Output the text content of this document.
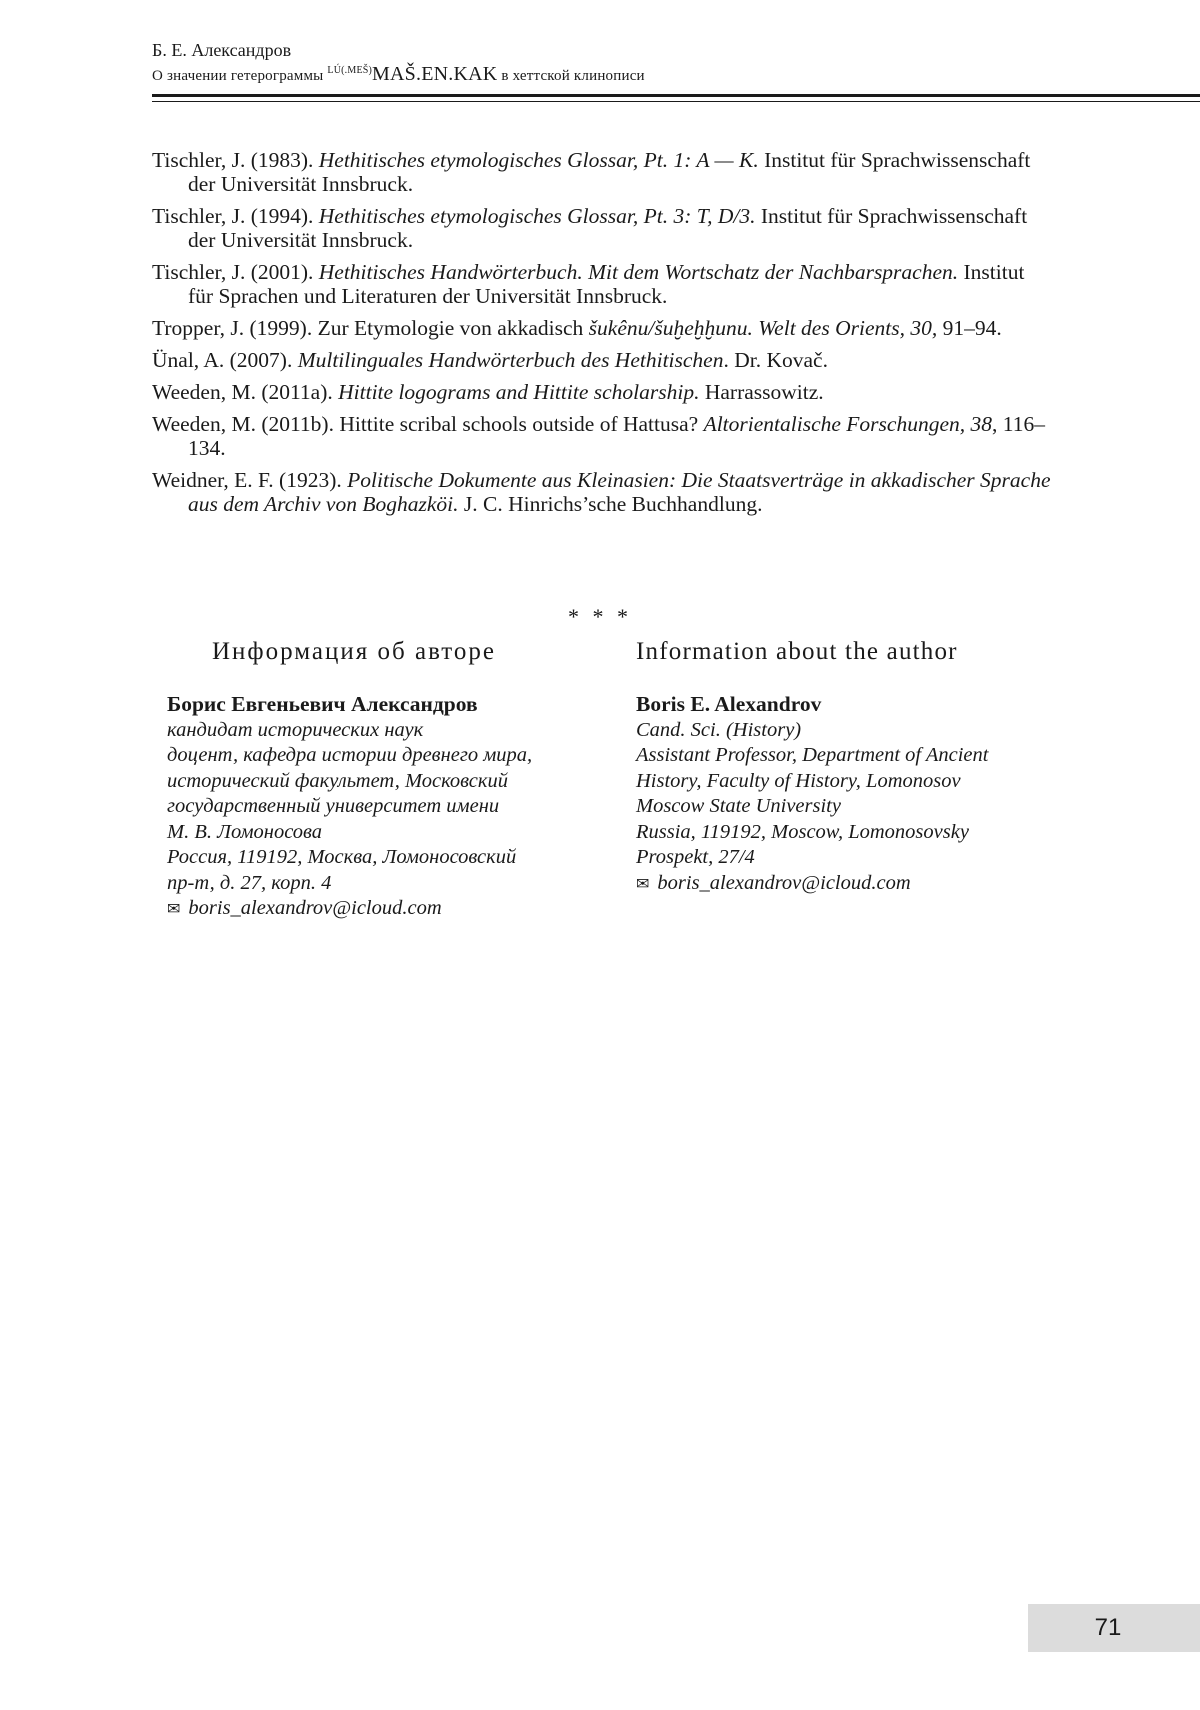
Б. Е. Александров
О значении гетерограммы $^{LÚ(.MEŠ)}$MAŠ.EN.KAK в хеттской клинописи
Tischler, J. (1983). Hethitisches etymologisches Glossar, Pt. 1: A — K. Institut für Sprachwissenschaft der Universität Innsbruck.
Tischler, J. (1994). Hethitisches etymologisches Glossar, Pt. 3: T, D/3. Institut für Sprachwissenschaft der Universität Innsbruck.
Tischler, J. (2001). Hethitisches Handwörterbuch. Mit dem Wortschatz der Nachbarsprachen. Institut für Sprachen und Literaturen der Universität Innsbruck.
Tropper, J. (1999). Zur Etymologie von akkadisch šukênu/šuḫeḫḫunu. Welt des Orients, 30, 91–94.
Ünal, A. (2007). Multilinguales Handwörterbuch des Hethitischen. Dr. Kovač.
Weeden, M. (2011a). Hittite logograms and Hittite scholarship. Harrassowitz.
Weeden, M. (2011b). Hittite scribal schools outside of Hattusa? Altorientalische Forschungen, 38, 116–134.
Weidner, E. F. (1923). Politische Dokumente aus Kleinasien: Die Staatsverträge in akkadischer Sprache aus dem Archiv von Boghazköi. J. C. Hinrichs’sche Buchhandlung.
* * *
Информация об авторе	Information about the author
Борис Евгеньевич Александров
кандидат исторических наук
доцент, кафедра истории древнего мира,
исторический факультет, Московский
государственный университет имени
М. В. Ломоносова
Россия, 119192, Москва, Ломоносовский
пр-т, д. 27, корп. 4
✉ boris_alexandrov@icloud.com
Boris E. Alexandrov
Cand. Sci. (History)
Assistant Professor, Department of Ancient
History, Faculty of History, Lomonosov
Moscow State University
Russia, 119192, Moscow, Lomonosovsky
Prospekt, 27/4
✉ boris_alexandrov@icloud.com
71
